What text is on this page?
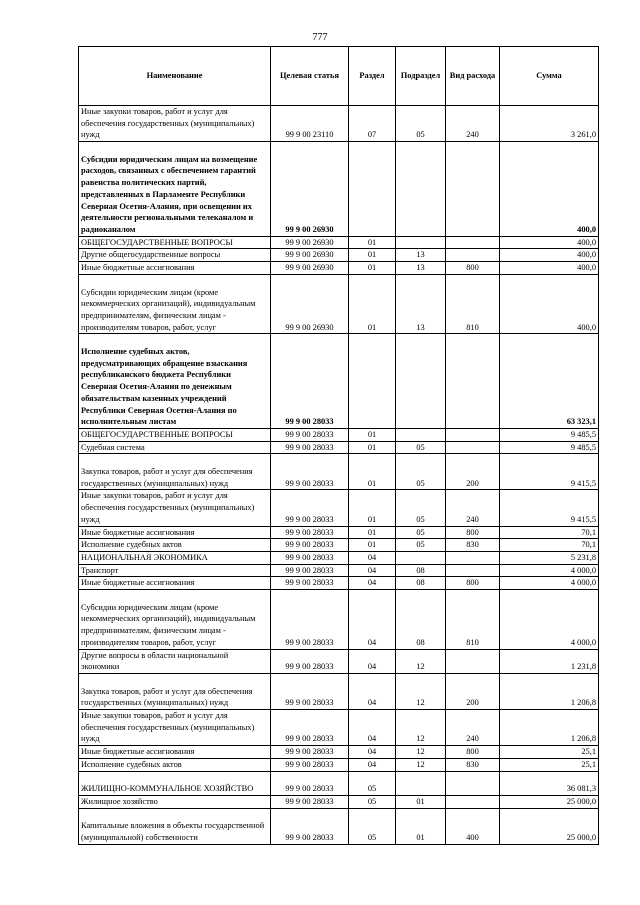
777
Наименование	Целевая статья	Раздел	Подраздел	Вид расхода	Сумма
Иные закупки товаров, работ и услуг для обеспечения государственных (муниципальных) нужд	99 9 00 23110	07	05	240	3 261,0
Субсидии юридическим лицам на возмещение расходов, связанных с обеспечением гарантий равенства политических партий, представленных в Парламенте Республики Северная Осетия-Алания, при освещении их деятельности региональными телеканалом и радиоканалом	99 9 00 26930				400,0
ОБЩЕГОСУДАРСТВЕННЫЕ ВОПРОСЫ	99 9 00 26930	01			400,0
Другие общегосударственные вопросы	99 9 00 26930	01	13		400,0
Иные бюджетные ассигнования	99 9 00 26930	01	13	800	400,0
Субсидии юридическим лицам (кроме некоммерческих организаций), индивидуальным предпринимателям, физическим лицам - производителям товаров, работ, услуг	99 9 00 26930	01	13	810	400,0
Исполнение судебных актов, предусматривающих обращение взыскания республиканского бюджета Республики Северная Осетия-Алания по денежным обязательствам казенных учреждений Республики Северная Осетия-Алания по исполнительным листам	99 9 00 28033				63 323,1
ОБЩЕГОСУДАРСТВЕННЫЕ ВОПРОСЫ	99 9 00 28033	01			9 485,5
Судебная система	99 9 00 28033	01	05		9 485,5
Закупка товаров, работ и услуг для обеспечения государственных (муниципальных) нужд	99 9 00 28033	01	05	200	9 415,5
Иные закупки товаров, работ и услуг для обеспечения государственных (муниципальных) нужд	99 9 00 28033	01	05	240	9 415,5
Иные бюджетные ассигнования	99 9 00 28033	01	05	800	70,1
Исполнение судебных актов	99 9 00 28033	01	05	830	70,1
НАЦИОНАЛЬНАЯ ЭКОНОМИКА	99 9 00 28033	04			5 231,8
Транспорт	99 9 00 28033	04	08		4 000,0
Иные бюджетные ассигнования	99 9 00 28033	04	08	800	4 000,0
Субсидии юридическим лицам (кроме некоммерческих организаций), индивидуальным предпринимателям, физическим лицам - производителям товаров, работ, услуг	99 9 00 28033	04	08	810	4 000,0
Другие вопросы в области национальной экономики	99 9 00 28033	04	12		1 231,8
Закупка товаров, работ и услуг для обеспечения государственных (муниципальных) нужд	99 9 00 28033	04	12	200	1 206,8
Иные закупки товаров, работ и услуг для обеспечения государственных (муниципальных) нужд	99 9 00 28033	04	12	240	1 206,8
Иные бюджетные ассигнования	99 9 00 28033	04	12	800	25,1
Исполнение судебных актов	99 9 00 28033	04	12	830	25,1
ЖИЛИЩНО-КОММУНАЛЬНОЕ ХОЗЯЙСТВО	99 9 00 28033	05			36 081,3
Жилищное хозяйство	99 9 00 28033	05	01		25 000,0
Капитальные вложения в объекты государственной (муниципальной) собственности	99 9 00 28033	05	01	400	25 000,0
